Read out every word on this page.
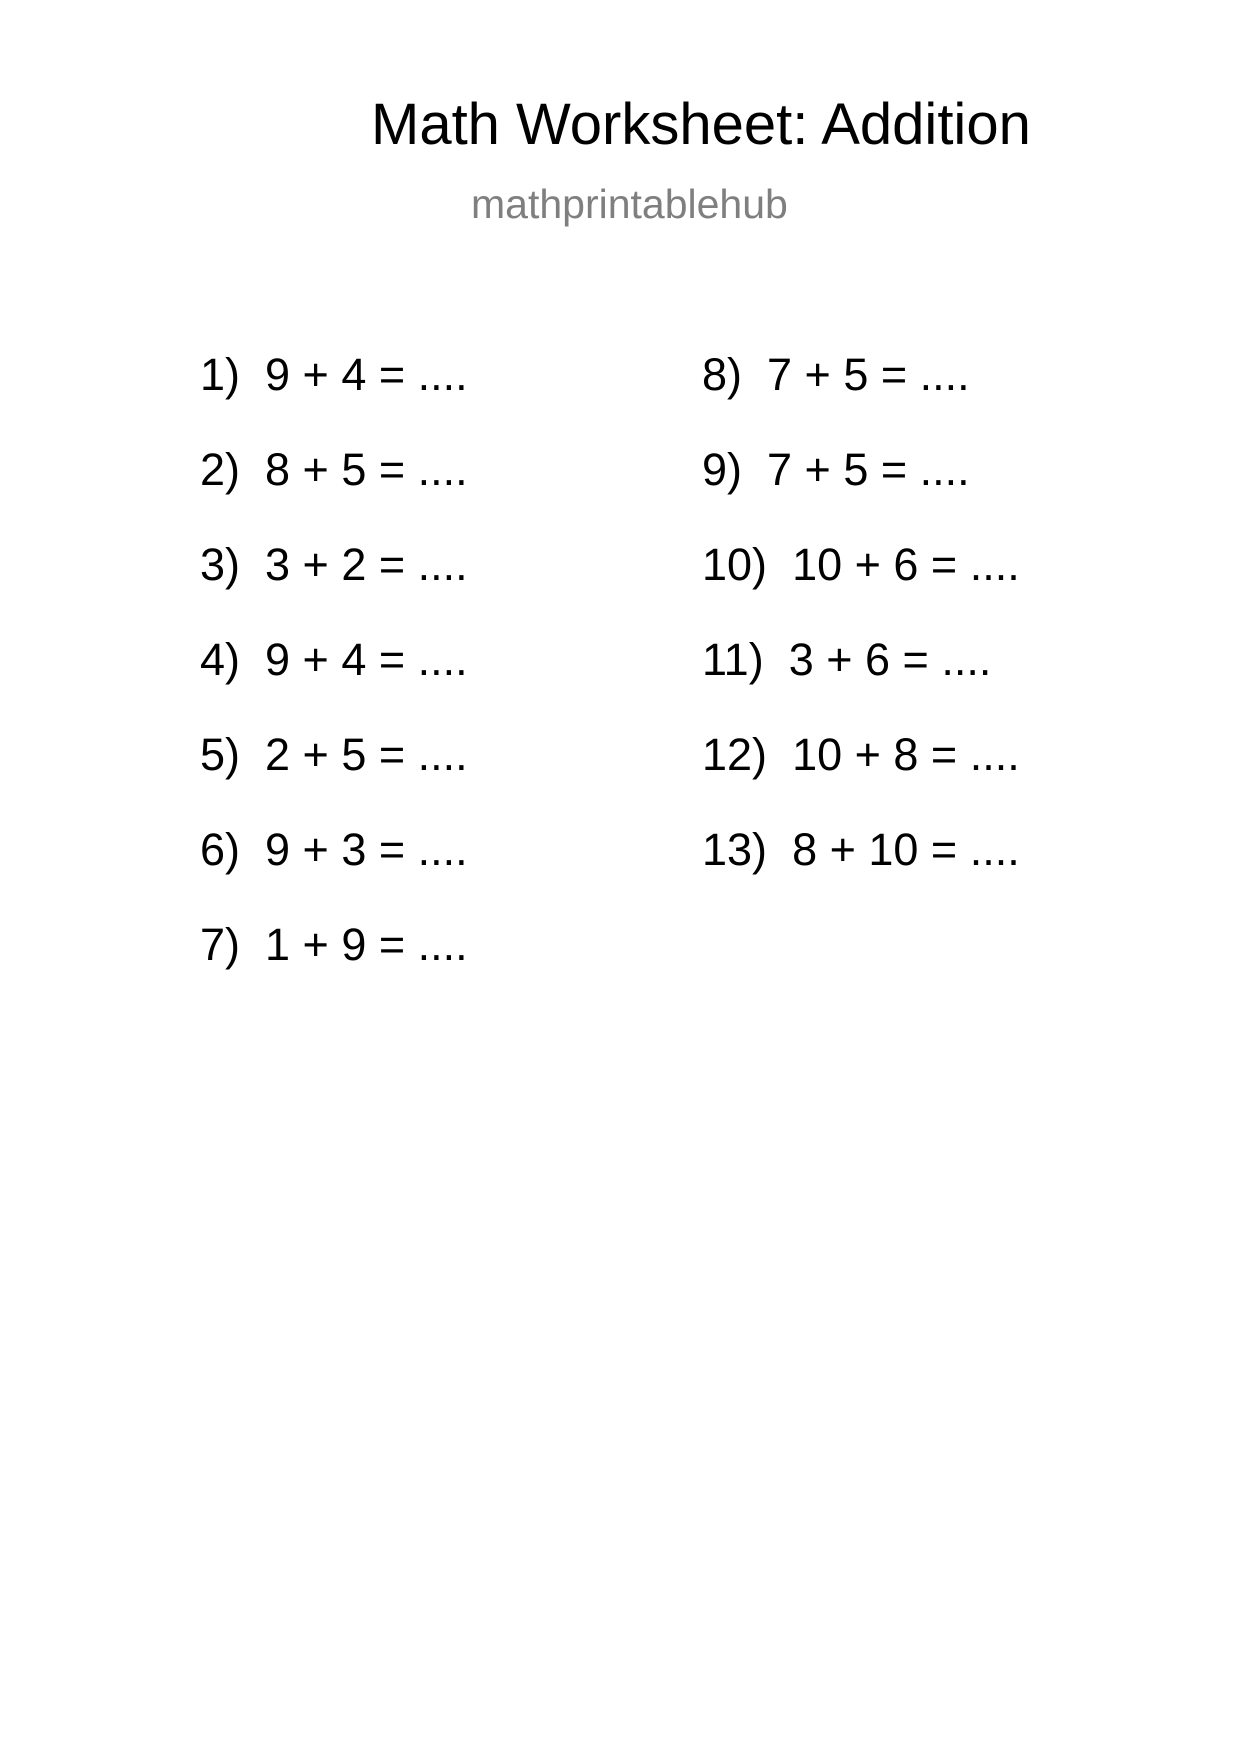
Math Worksheet: Addition
mathprintablehub
1) 9 + 4 = ....
2) 8 + 5 = ....
3) 3 + 2 = ....
4) 9 + 4 = ....
5) 2 + 5 = ....
6) 9 + 3 = ....
7) 1 + 9 = ....
8) 7 + 5 = ....
9) 7 + 5 = ....
10) 10 + 6 = ....
11) 3 + 6 = ....
12) 10 + 8 = ....
13) 8 + 10 = ....
